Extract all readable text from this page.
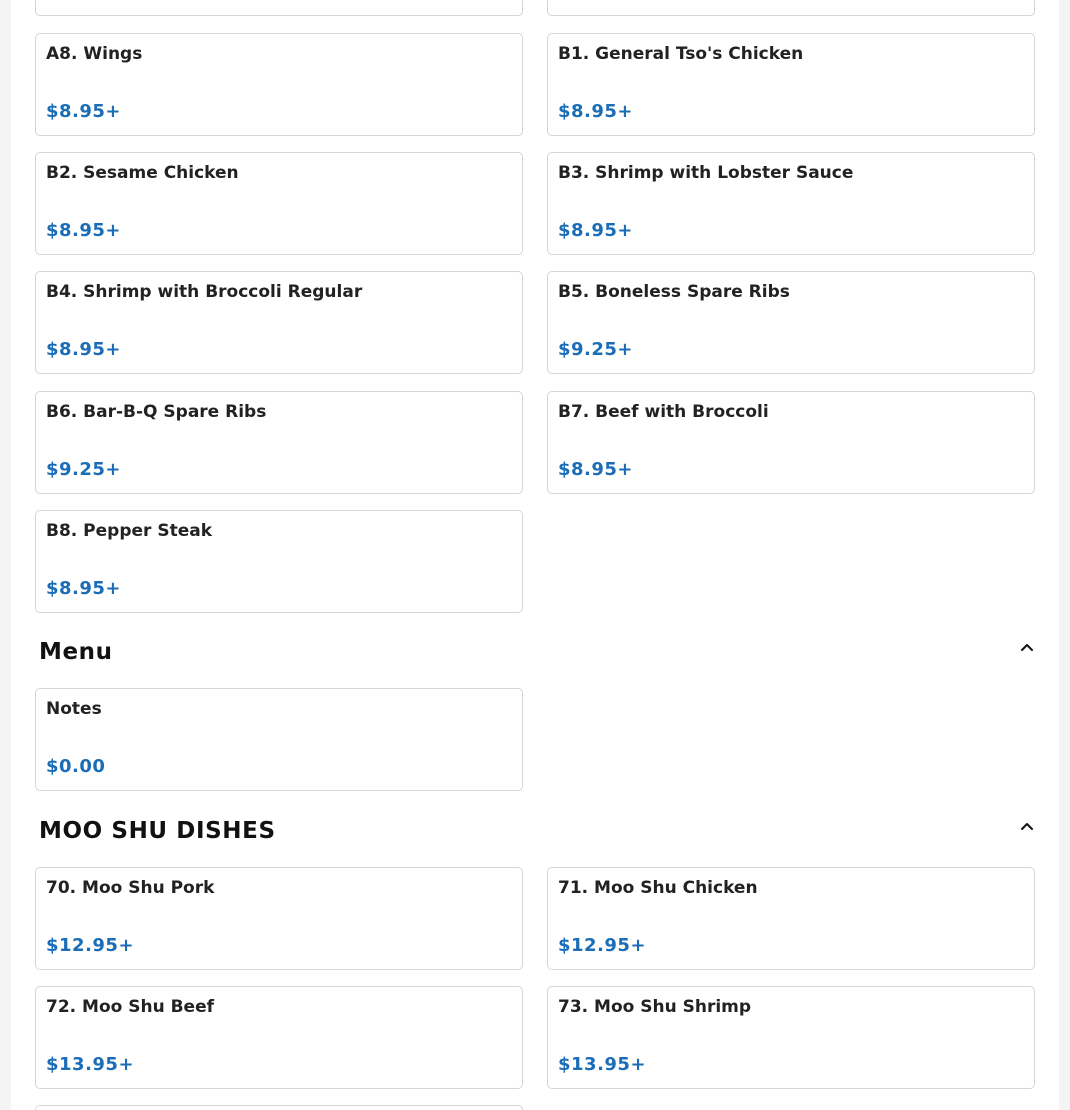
A8. Wings
$8.95+
B1. General Tso's Chicken
$8.95+
B2. Sesame Chicken
$8.95+
B3. Shrimp with Lobster Sauce
$8.95+
B4. Shrimp with Broccoli Regular
$8.95+
B5. Boneless Spare Ribs
$9.25+
B6. Bar-B-Q Spare Ribs
$9.25+
B7. Beef with Broccoli
$8.95+
B8. Pepper Steak
$8.95+
Menu
Notes
$0.00
MOO SHU DISHES
70. Moo Shu Pork
$12.95+
71. Moo Shu Chicken
$12.95+
72. Moo Shu Beef
$13.95+
73. Moo Shu Shrimp
$13.95+
